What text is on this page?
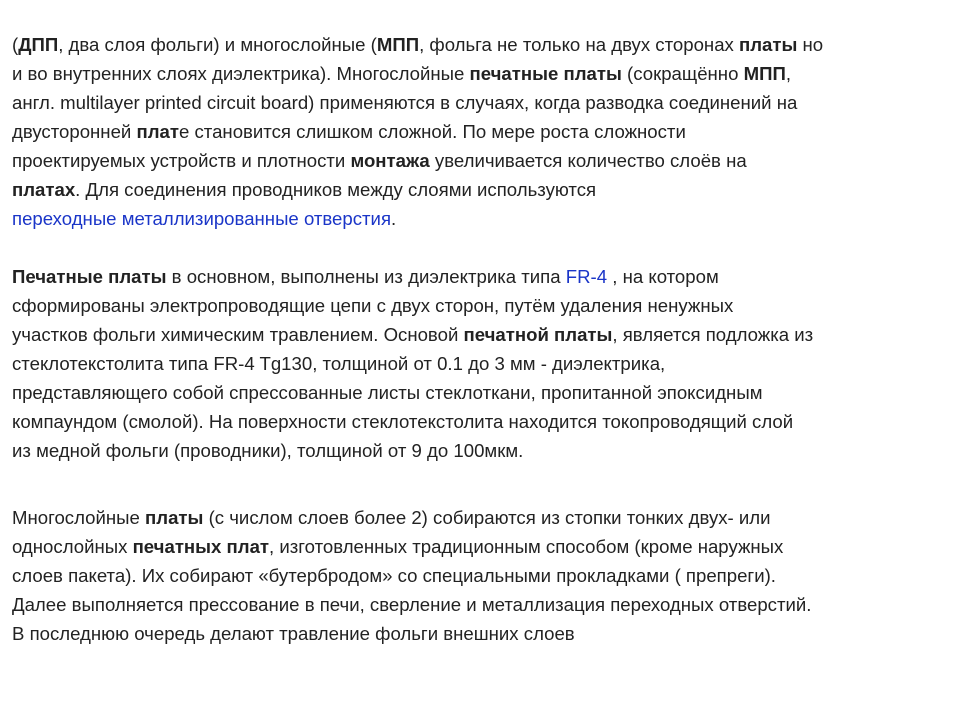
(ДПП, два слоя фольги) и многослойные (МПП, фольга не только на двух сторонах платы но
и во внутренних слоях диэлектрика). Многослойные печатные платы (сокращённо МПП,
англ. multilayer printed circuit board) применяются в случаях, когда разводка соединений на
двусторонней плате становится слишком сложной. По мере роста сложности
проектируемых устройств и плотности монтажа увеличивается количество слоёв на
платах. Для соединения проводников между слоями используются
переходные металлизированные отверстия.

Печатные платы в основном, выполнены из диэлектрика типа FR-4 , на котором
сформированы электропроводящие цепи с двух сторон, путём удаления ненужных
участков фольги химическим травлением. Основой печатной платы, является подложка из
стеклотекстолита типа FR-4 Tg130, толщиной от 0.1 до 3 мм - диэлектрика,
представляющего собой спрессованные листы стеклоткани, пропитанной эпоксидным
компаундом (смолой). На поверхности стеклотекстолита находится токопроводящий слой
из медной фольги (проводники), толщиной от 9 до 100мкм.

Многослойные платы (с числом слоев более 2) собираются из стопки тонких двух- или
однослойных печатных плат, изготовленных традиционным способом (кроме наружных
слоев пакета). Их собирают «бутербродом» со специальными прокладками ( препреги).
Далее выполняется прессование в печи, сверление и металлизация переходных отверстий.
В последнюю очередь делают травление фольги внешних слоев
